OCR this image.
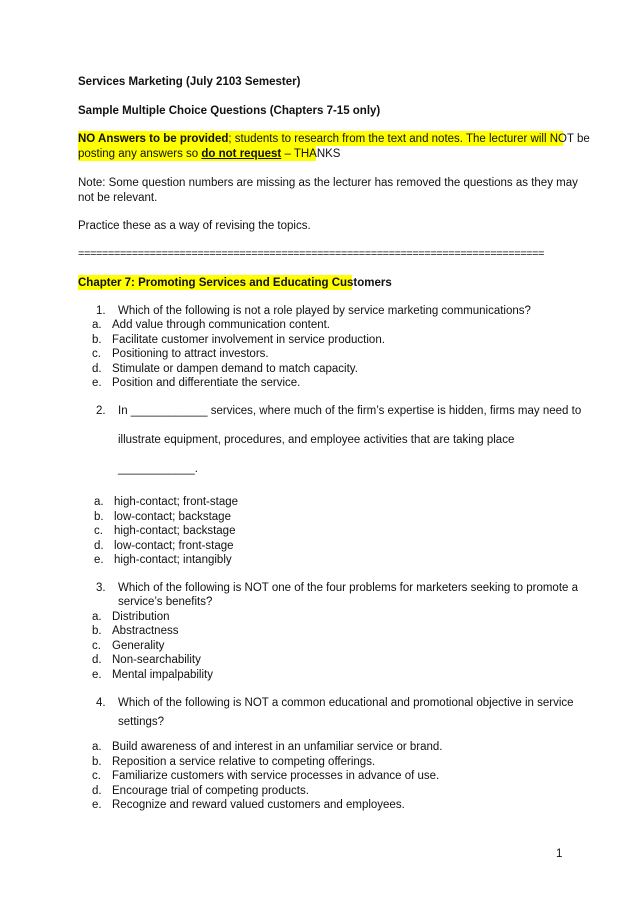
Services Marketing (July 2103 Semester)
Sample Multiple Choice Questions (Chapters 7-15 only)
NO Answers to be provided; students to research from the text and notes. The lecturer will NOT be
posting any answers so do not request – THANKS
Note: Some question numbers are missing as the lecturer has removed the questions as they may
not be relevant.
Practice these as a way of revising the topics.
==============================================================================
Chapter 7: Promoting Services and Educating Customers
1. Which of the following is not a role played by service marketing communications?
a. Add value through communication content.
b. Facilitate customer involvement in service production.
c. Positioning to attract investors.
d. Stimulate or dampen demand to match capacity.
e. Position and differentiate the service.
2. In ____________ services, where much of the firm’s expertise is hidden, firms may need to
illustrate equipment, procedures, and employee activities that are taking place
____________.
a. high-contact; front-stage
b. low-contact; backstage
c. high-contact; backstage
d. low-contact; front-stage
e. high-contact; intangibly
3. Which of the following is NOT one of the four problems for marketers seeking to promote a
service’s benefits?
a. Distribution
b. Abstractness
c. Generality
d. Non-searchability
e. Mental impalpability
4. Which of the following is NOT a common educational and promotional objective in service
settings?
a. Build awareness of and interest in an unfamiliar service or brand.
b. Reposition a service relative to competing offerings.
c. Familiarize customers with service processes in advance of use.
d. Encourage trial of competing products.
e. Recognize and reward valued customers and employees.
1
